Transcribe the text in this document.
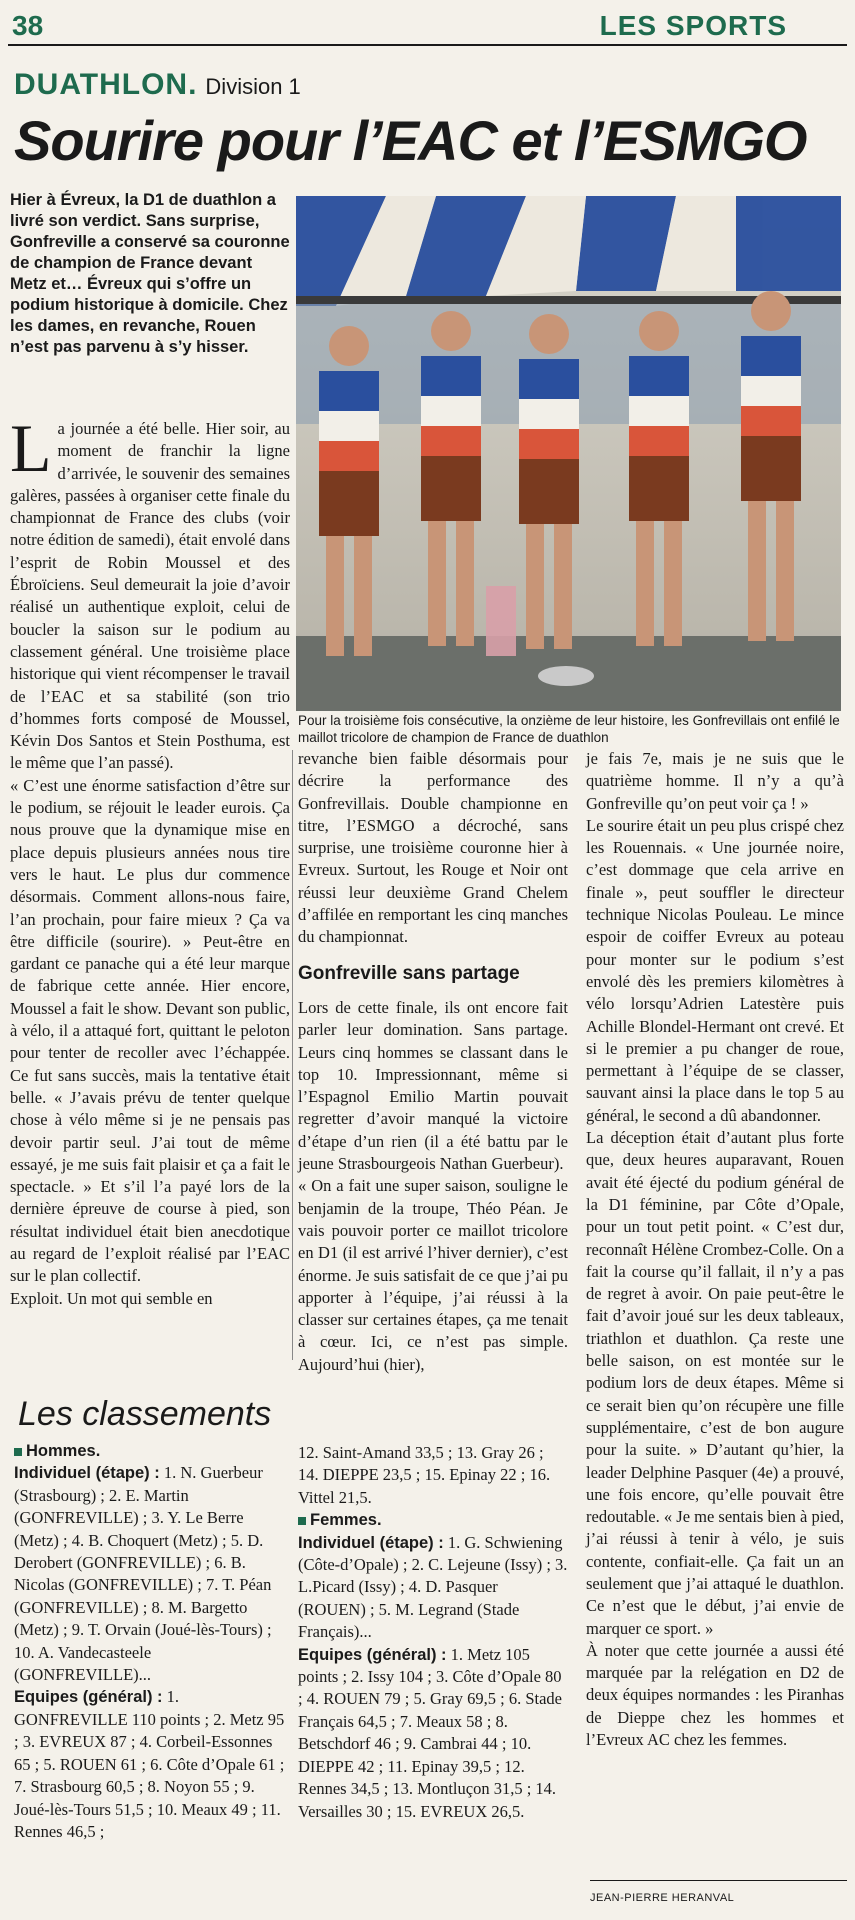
38	LES SPORTS
DUATHLON. Division 1
Sourire pour l’EAC et l’ESMGO
Hier à Évreux, la D1 de duathlon a livré son verdict. Sans surprise, Gonfreville a conservé sa couronne de champion de France devant Metz et… Évreux qui s’offre un podium historique à domicile. Chez les dames, en revanche, Rouen n’est pas parvenu à s’y hisser.
Pour la troisième fois consécutive, la onzième de leur histoire, les Gonfrevillais ont enfilé le maillot tricolore de champion de France de duathlon

La journée a été belle. Hier soir, au moment de franchir la ligne d’arrivée, le souvenir des semaines galères, passées à organiser cette finale du championnat de France des clubs (voir notre édition de samedi), était envolé dans l’esprit de Robin Moussel et des Ébroïciens. Seul demeurait la joie d’avoir réalisé un authentique exploit, celui de boucler la saison sur le podium au classement général. Une troisième place historique qui vient récompenser le travail de l’EAC et sa stabilité (son trio d’hommes forts composé de Moussel, Kévin Dos Santos et Stein Posthuma, est le même que l’an passé).

« C’est une énorme satisfaction d’être sur le podium, se réjouit le leader eurois. Ça nous prouve que la dynamique mise en place depuis plusieurs années nous tire vers le haut. Le plus dur commence désormais. Comment allons-nous faire, l’an prochain, pour faire mieux ? Ça va être difficile (sourire). » Peut-être en gardant ce panache qui a été leur marque de fabrique cette année. Hier encore, Moussel a fait le show. Devant son public, à vélo, il a attaqué fort, quittant le peloton pour tenter de recoller avec l’échappée. Ce fut sans succès, mais la tentative était belle. « J’avais prévu de tenter quelque chose à vélo même si je ne pensais pas devoir partir seul. J’ai tout de même essayé, je me suis fait plaisir et ça a fait le spectacle. » Et s’il l’a payé lors de la dernière épreuve de course à pied, son résultat individuel était bien anecdotique au regard de l’exploit réalisé par l’EAC sur le plan collectif.

Exploit. Un mot qui semble en

revanche bien faible désormais pour décrire la performance des Gonfrevillais. Double championne en titre, l’ESMGO a décroché, sans surprise, une troisième couronne hier à Evreux. Surtout, les Rouge et Noir ont réussi leur deuxième Grand Chelem d’affilée en remportant les cinq manches du championnat.

Gonfreville sans partage

Lors de cette finale, ils ont encore fait parler leur domination. Sans partage. Leurs cinq hommes se classant dans le top 10. Impressionnant, même si l’Espagnol Emilio Martin pouvait regretter d’avoir manqué la victoire d’étape d’un rien (il a été battu par le jeune Strasbourgeois Nathan Guerbeur).

« On a fait une super saison, souligne le benjamin de la troupe, Théo Péan. Je vais pouvoir porter ce maillot tricolore en D1 (il est arrivé l’hiver dernier), c’est énorme. Je suis satisfait de ce que j’ai pu apporter à l’équipe, j’ai réussi à la classer sur certaines étapes, ça me tenait à cœur. Ici, ce n’est pas simple. Aujourd’hui (hier),

je fais 7e, mais je ne suis que le quatrième homme. Il n’y a qu’à Gonfreville qu’on peut voir ça ! »

Le sourire était un peu plus crispé chez les Rouennais. « Une journée noire, c’est dommage que cela arrive en finale », peut souffler le directeur technique Nicolas Pouleau. Le mince espoir de coiffer Evreux au poteau pour monter sur le podium s’est envolé dès les premiers kilomètres à vélo lorsqu’Adrien Latestère puis Achille Blondel-Hermant ont crevé. Et si le premier a pu changer de roue, permettant à l’équipe de se classer, sauvant ainsi la place dans le top 5 au général, le second a dû abandonner.

La déception était d’autant plus forte que, deux heures auparavant, Rouen avait été éjecté du podium général de la D1 féminine, par Côte d’Opale, pour un tout petit point. « C’est dur, reconnaît Hélène Crombez-Colle. On a fait la course qu’il fallait, il n’y a pas de regret à avoir. On paie peut-être le fait d’avoir joué sur les deux tableaux, triathlon et duathlon. Ça reste une belle saison, on est montée sur le podium lors de deux étapes. Même si ce serait bien qu’on récupère une fille supplémentaire, c’est de bon augure pour la suite. » D’autant qu’hier, la leader Delphine Pasquer (4e) a prouvé, une fois encore, qu’elle pouvait être redoutable. « Je me sentais bien à pied, j’ai réussi à tenir à vélo, je suis contente, confiait-elle. Ça fait un an seulement que j’ai attaqué le duathlon. Ce n’est que le début, j’ai envie de marquer ce sport. »

À noter que cette journée a aussi été marquée par la relégation en D2 de deux équipes normandes : les Piranhas de Dieppe chez les hommes et l’Evreux AC chez les femmes.

Les classements
Hommes.
Individuel (étape) : 1. N. Guerbeur (Strasbourg) ; 2. E. Martin (GONFREVILLE) ; 3. Y. Le Berre (Metz) ; 4. B. Choquert (Metz) ; 5. D. Derobert (GONFREVILLE) ; 6. B. Nicolas (GONFREVILLE) ; 7. T. Péan (GONFREVILLE) ; 8. M. Bargetto (Metz) ; 9. T. Orvain (Joué-lès-Tours) ; 10. A. Vandecasteele (GONFREVILLE)...
Equipes (général) : 1. GONFREVILLE 110 points ; 2. Metz 95 ; 3. EVREUX 87 ; 4. Corbeil-Essonnes 65 ; 5. ROUEN 61 ; 6. Côte d’Opale 61 ; 7. Strasbourg 60,5 ; 8. Noyon 55 ; 9. Joué-lès-Tours 51,5 ; 10. Meaux 49 ; 11. Rennes 46,5 ;
12. Saint-Amand 33,5 ; 13. Gray 26 ; 14. DIEPPE 23,5 ; 15. Epinay 22 ; 16. Vittel 21,5.
Femmes.
Individuel (étape) : 1. G. Schwiening (Côte-d’Opale) ; 2. C. Lejeune (Issy) ; 3. L.Picard (Issy) ; 4. D. Pasquer (ROUEN) ; 5. M. Legrand (Stade Français)...
Equipes (général) : 1. Metz 105 points ; 2. Issy 104 ; 3. Côte d’Opale 80 ; 4. ROUEN 79 ; 5. Gray 69,5 ; 6. Stade Français 64,5 ; 7. Meaux 58 ; 8. Betschdorf 46 ; 9. Cambrai 44 ; 10. DIEPPE 42 ; 11. Epinay 39,5 ; 12. Rennes 34,5 ; 13. Montluçon 31,5 ; 14. Versailles 30 ; 15. EVREUX 26,5.
JEAN-PIERRE HERANVAL
